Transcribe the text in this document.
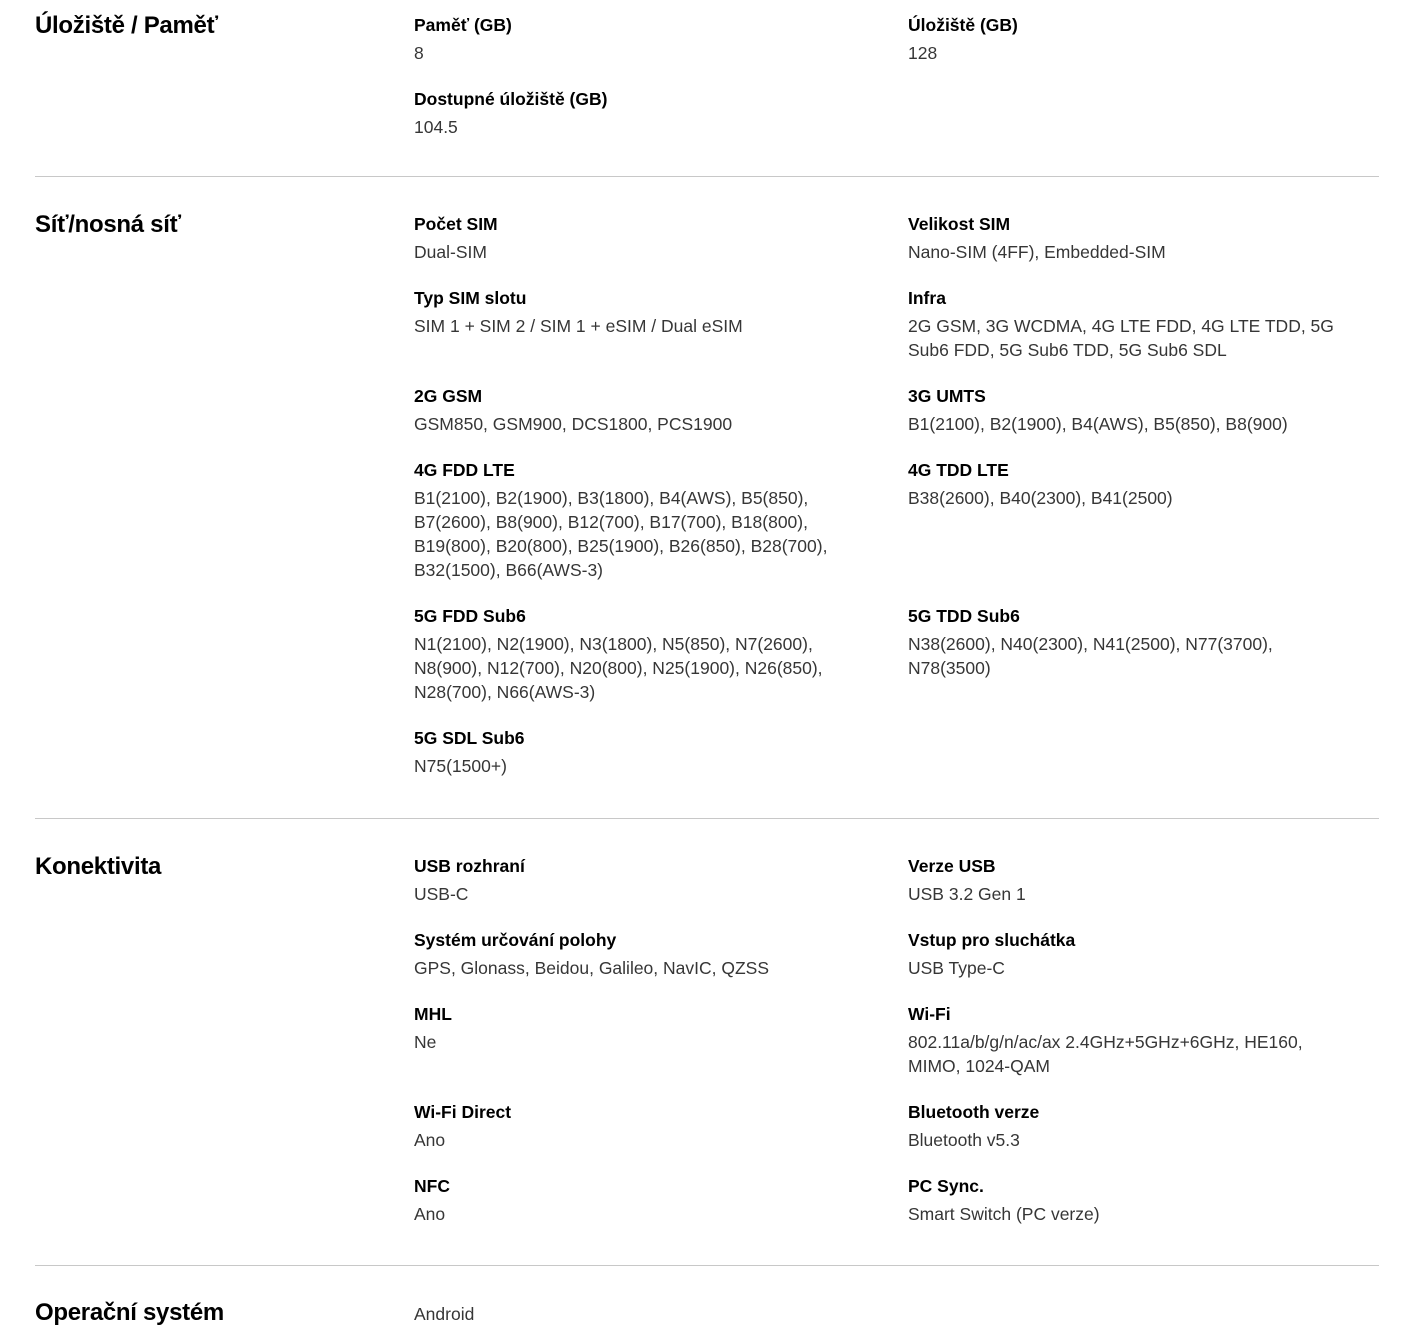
Úložiště / Paměť	Paměť (GB)
8
Úložiště (GB)
128
Dostupné úložiště (GB)
104.5
Síť/nosná síť	Počet SIM
Dual-SIM
Velikost SIM
Nano-SIM (4FF), Embedded-SIM
Typ SIM slotu
SIM 1 + SIM 2 / SIM 1 + eSIM / Dual eSIM
Infra
2G GSM, 3G WCDMA, 4G LTE FDD, 4G LTE TDD, 5G Sub6 FDD, 5G Sub6 TDD, 5G Sub6 SDL
2G GSM
GSM850, GSM900, DCS1800, PCS1900
3G UMTS
B1(2100), B2(1900), B4(AWS), B5(850), B8(900)
4G FDD LTE
B1(2100), B2(1900), B3(1800), B4(AWS), B5(850), B7(2600), B8(900), B12(700), B17(700), B18(800), B19(800), B20(800), B25(1900), B26(850), B28(700), B32(1500), B66(AWS-3)
4G TDD LTE
B38(2600), B40(2300), B41(2500)
5G FDD Sub6
N1(2100), N2(1900), N3(1800), N5(850), N7(2600), N8(900), N12(700), N20(800), N25(1900), N26(850), N28(700), N66(AWS-3)
5G TDD Sub6
N38(2600), N40(2300), N41(2500), N77(3700), N78(3500)
5G SDL Sub6
N75(1500+)
Konektivita	USB rozhraní
USB-C
Verze USB
USB 3.2 Gen 1
Systém určování polohy
GPS, Glonass, Beidou, Galileo, NavIC, QZSS
Vstup pro sluchátka
USB Type-C
MHL
Ne
Wi-Fi
802.11a/b/g/n/ac/ax 2.4GHz+5GHz+6GHz, HE160, MIMO, 1024-QAM
Wi-Fi Direct
Ano
Bluetooth verze
Bluetooth v5.3
NFC
Ano
PC Sync.
Smart Switch (PC verze)
Operační systém	Android
